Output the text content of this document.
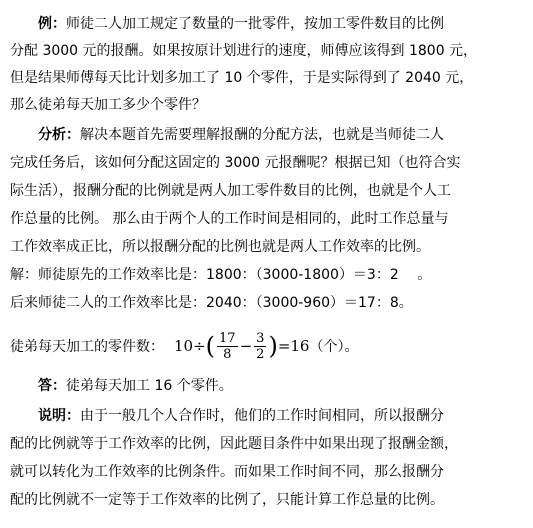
例：师徒二人加工规定了数量的一批零件，按加工零件数目的比例
分配 3000 元的报酬。如果按原计划进行的速度，师傅应该得到 1800 元，
但是结果师傅每天比计划多加工了 10 个零件，于是实际得到了 2040 元，
那么徒弟每天加工多少个零件？
分析：解决本题首先需要理解报酬的分配方法，也就是当师徒二人
完成任务后，该如何分配这固定的 3000 元报酬呢？根据已知（也符合实
际生活），报酬分配的比例就是两人加工零件数目的比例，也就是个人工
作总量的比例。 那么由于两个人的工作时间是相同的，此时工作总量与
工作效率成正比，所以报酬分配的比例也就是两人工作效率的比例。
解：师徒原先的工作效率比是：1800：（3000-1800）＝3：2　 。
后来师徒二人的工作效率比是：2040：（3000-960）＝17：8。
徒弟每天加工的零件数： 10÷ ( $\frac{17}{8} - \frac{3}{2}$ ) =16 （个）。
答：徒弟每天加工 16 个零件。
说明：由于一般几个人合作时，他们的工作时间相同，所以报酬分
配的比例就等于工作效率的比例，因此题目条件中如果出现了报酬金额，
就可以转化为工作效率的比例条件。而如果工作时间不同，那么报酬分
配的比例就不一定等于工作效率的比例了，只能计算工作总量的比例。
